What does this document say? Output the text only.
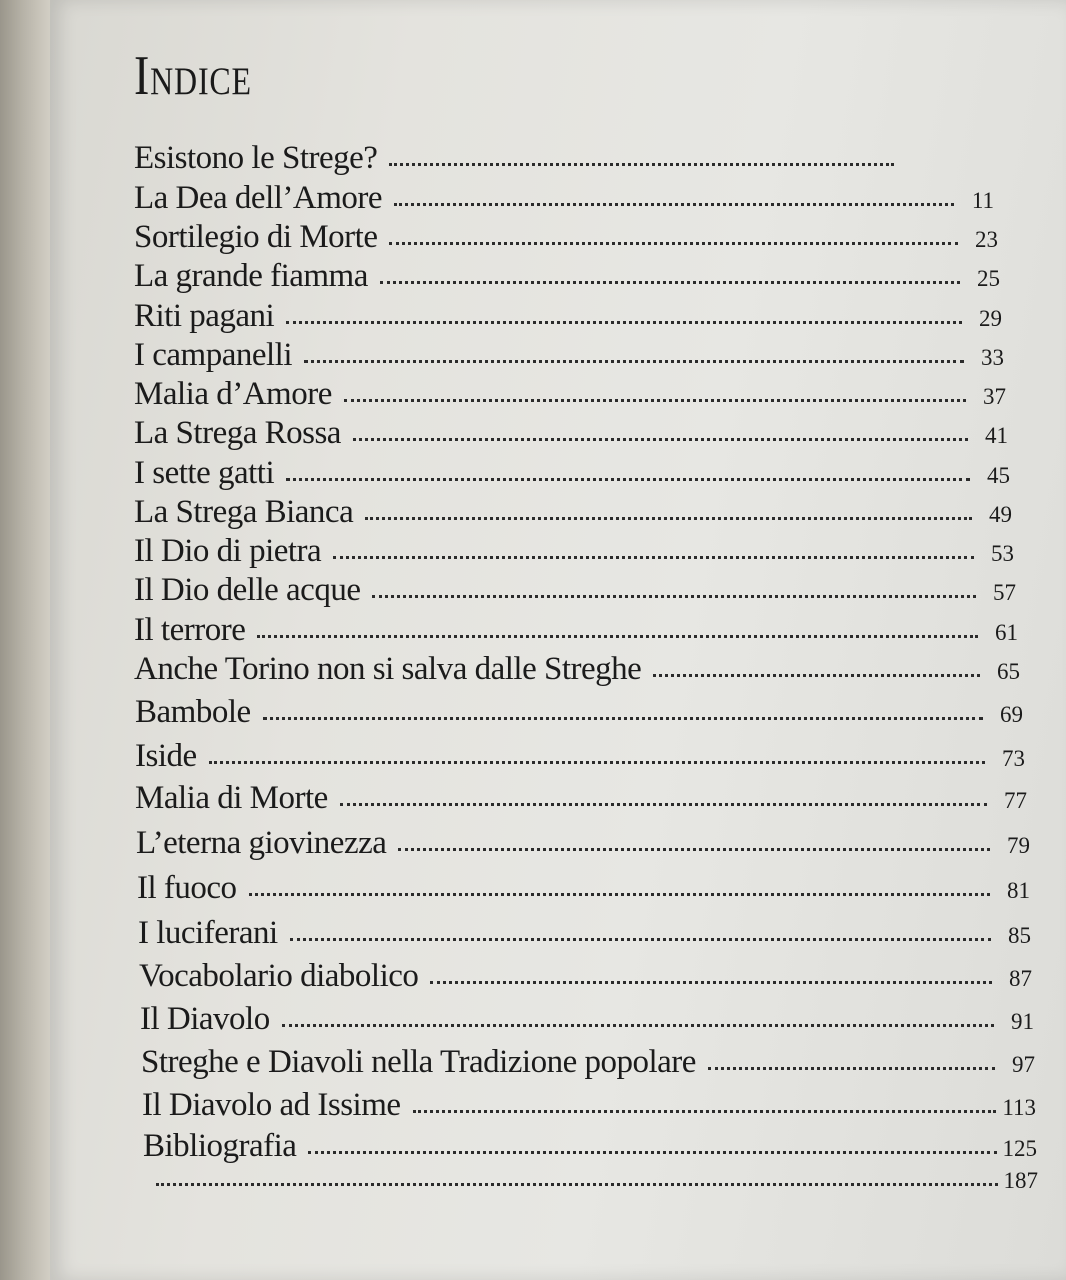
Indice
Esistono le Strege?
La Dea dell’Amore	11
Sortilegio di Morte	23
La grande fiamma	25
Riti pagani	29
I campanelli	33
Malia d’Amore	37
La Strega Rossa	41
I sette gatti	45
La Strega Bianca	49
Il Dio di pietra	53
Il Dio delle acque	57
Il terrore	61
Anche Torino non si salva dalle Streghe	65
Bambole	69
Iside	73
Malia di Morte	77
L’eterna giovinezza	79
Il fuoco	81
I luciferani	85
Vocabolario diabolico	87
Il Diavolo	91
Streghe e Diavoli nella Tradizione popolare	97
Il Diavolo ad Issime	113
Bibliografia	125
187
